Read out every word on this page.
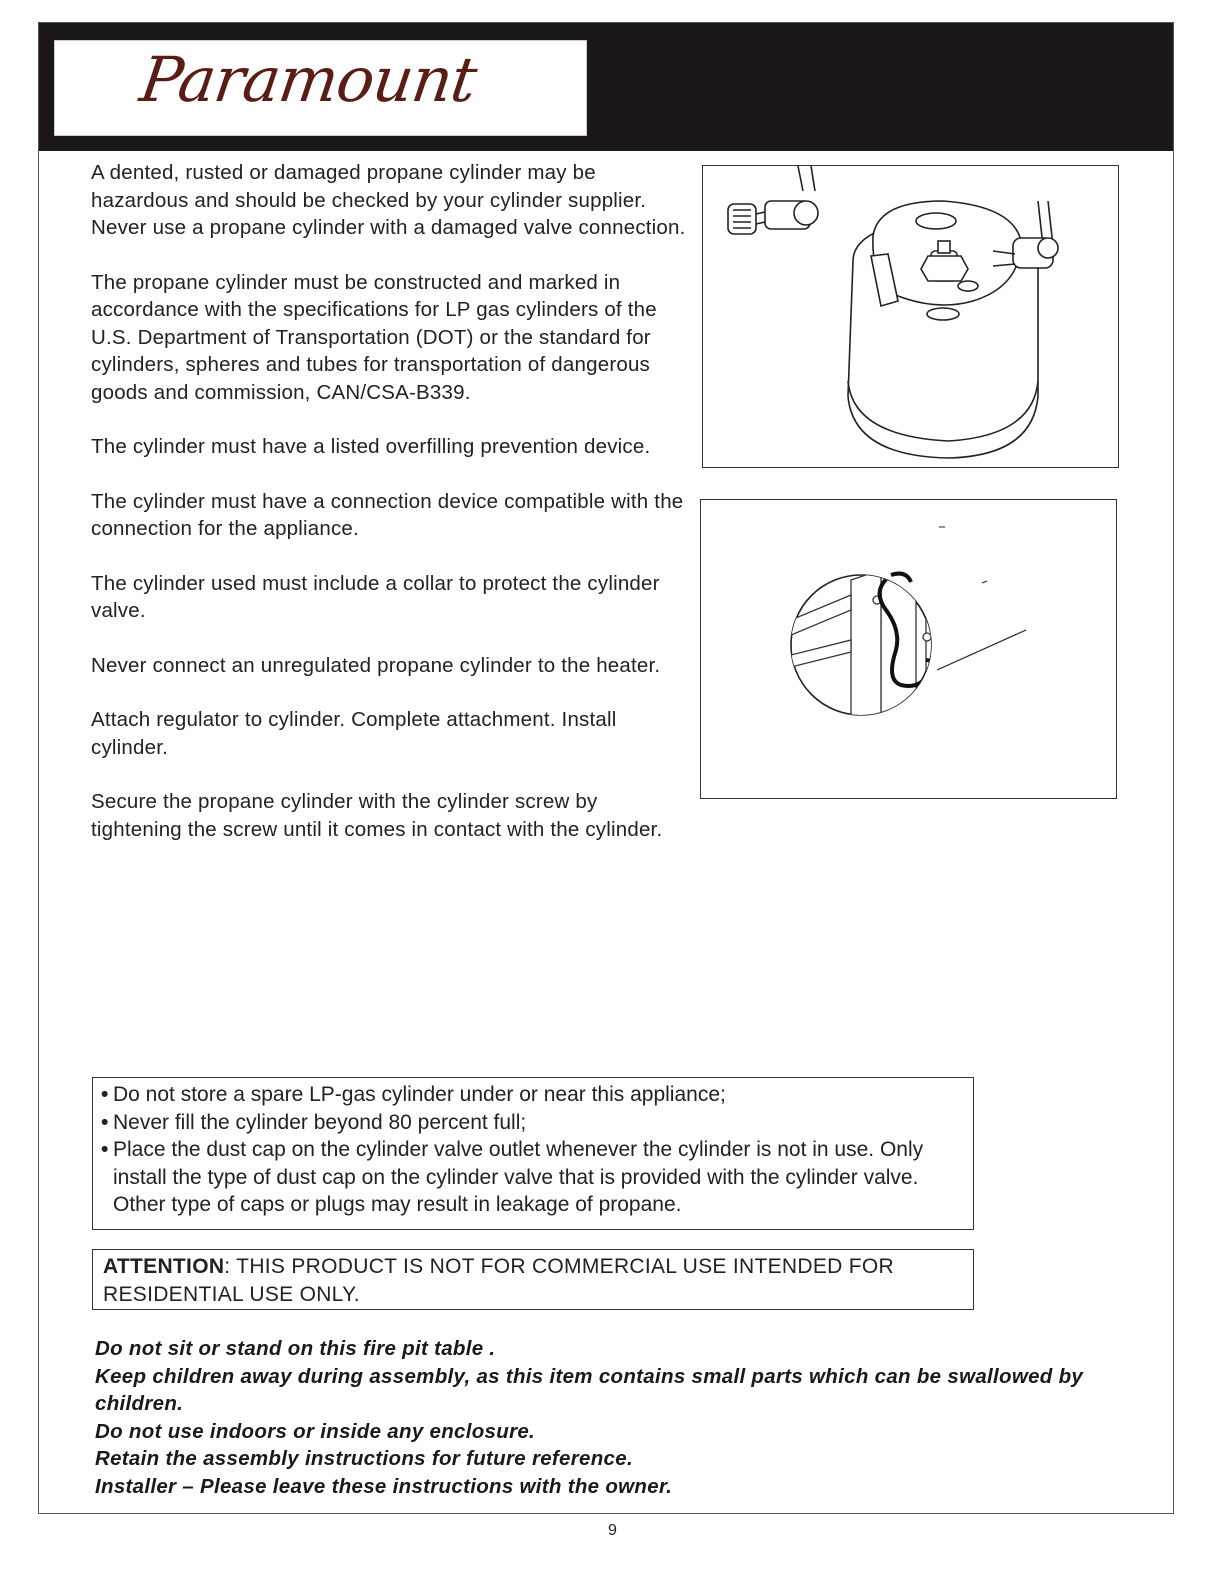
Paramount

A dented, rusted or damaged propane cylinder may be hazardous and should be checked by your cylinder supplier. Never use a propane cylinder with a damaged valve connection.

The propane cylinder must be constructed and marked in accordance with the specifications for LP gas cylinders of the U.S. Department of Transportation (DOT) or the standard for cylinders, spheres and tubes for transportation of dangerous goods and commission, CAN/CSA-B339.

The cylinder must have a listed overfilling prevention device.

The cylinder must have a connection device compatible with the connection for the appliance.

The cylinder used must include a collar to protect the cylinder valve.

Never connect an unregulated propane cylinder to the heater.

Attach regulator to cylinder. Complete attachment. Install cylinder.

Secure the propane cylinder with the cylinder screw by tightening the screw until it comes in contact with the cylinder.

• Do not store a spare LP-gas cylinder under or near this appliance;
• Never fill the cylinder beyond 80 percent full;
• Place the dust cap on the cylinder valve outlet whenever the cylinder is not in use. Only install the type of dust cap on the cylinder valve that is provided with the cylinder valve. Other type of caps or plugs may result in leakage of propane.
ATTENTION: THIS PRODUCT IS NOT FOR COMMERCIAL USE INTENDED FOR RESIDENTIAL USE ONLY.
Do not sit or stand on this fire pit table .
Keep children away during assembly, as this item contains small parts which can be swallowed by children.
Do not use indoors or inside any enclosure.
Retain the assembly instructions for future reference.
Installer – Please leave these instructions with the owner.
9
